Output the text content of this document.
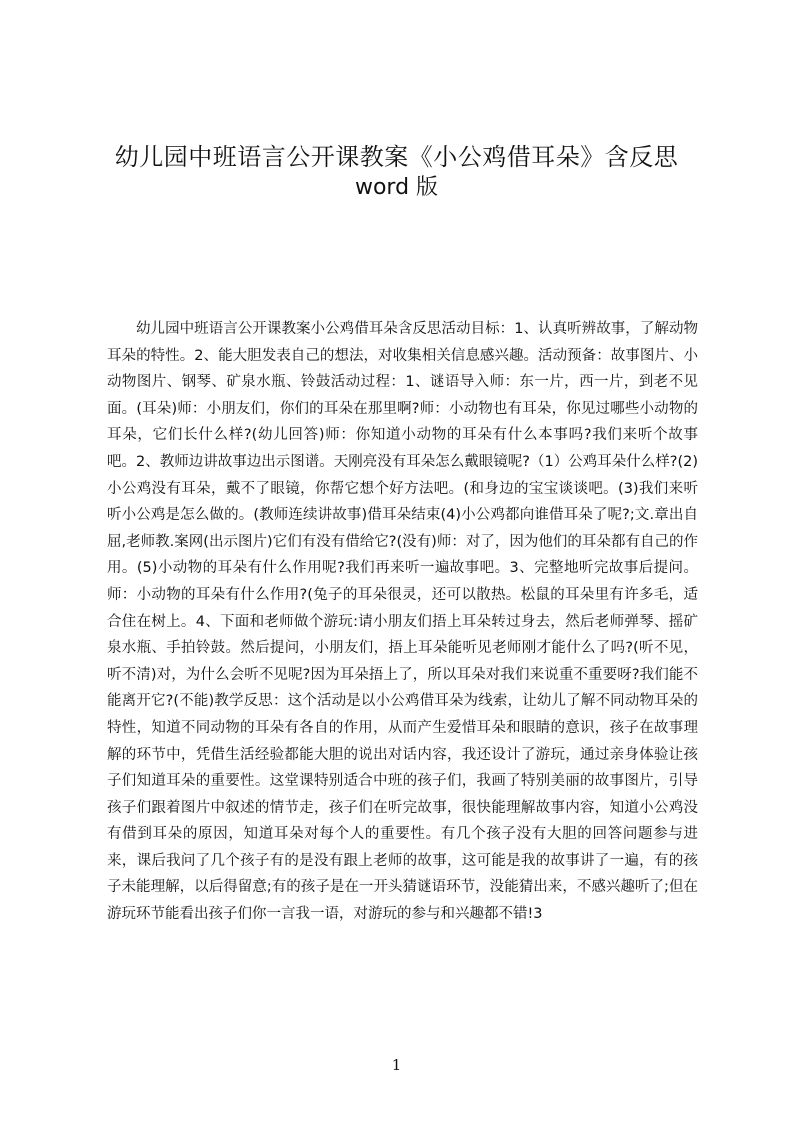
幼儿园中班语言公开课教案《小公鸡借耳朵》含反思
word 版
幼儿园中班语言公开课教案小公鸡借耳朵含反思活动目标：1、认真听辨故事，了解动物耳朵的特性。2、能大胆发表自己的想法，对收集相关信息感兴趣。活动预备：故事图片、小动物图片、钢琴、矿泉水瓶、铃鼓活动过程：1、谜语导入师：东一片，西一片，到老不见面。(耳朵)师：小朋友们，你们的耳朵在那里啊?师：小动物也有耳朵，你见过哪些小动物的耳朵，它们长什么样?(幼儿回答)师：你知道小动物的耳朵有什么本事吗?我们来听个故事吧。2、教师边讲故事边出示图谱。天刚亮没有耳朵怎么戴眼镜呢?（1）公鸡耳朵什么样?(2)小公鸡没有耳朵，戴不了眼镜，你帮它想个好方法吧。(和身边的宝宝谈谈吧。(3)我们来听听小公鸡是怎么做的。(教师连续讲故事)借耳朵结束(4)小公鸡都向谁借耳朵了呢?;文.章出自屈,老师教.案网(出示图片)它们有没有借给它?(没有)师：对了，因为他们的耳朵都有自己的作用。(5)小动物的耳朵有什么作用呢?我们再来听一遍故事吧。3、完整地听完故事后提问。师：小动物的耳朵有什么作用?(兔子的耳朵很灵，还可以散热。松鼠的耳朵里有许多毛，适合住在树上。4、下面和老师做个游玩:请小朋友们捂上耳朵转过身去，然后老师弹琴、摇矿泉水瓶、手拍铃鼓。然后提问，小朋友们，捂上耳朵能听见老师刚才能什么了吗?(听不见，听不清)对，为什么会听不见呢?因为耳朵捂上了，所以耳朵对我们来说重不重要呀?我们能不能离开它?(不能)教学反思：这个活动是以小公鸡借耳朵为线索，让幼儿了解不同动物耳朵的特性，知道不同动物的耳朵有各自的作用，从而产生爱惜耳朵和眼睛的意识，孩子在故事理解的环节中，凭借生活经验都能大胆的说出对话内容，我还设计了游玩，通过亲身体验让孩子们知道耳朵的重要性。这堂课特别适合中班的孩子们，我画了特别美丽的故事图片，引导孩子们跟着图片中叙述的情节走，孩子们在听完故事，很快能理解故事内容，知道小公鸡没有借到耳朵的原因，知道耳朵对每个人的重要性。有几个孩子没有大胆的回答问题参与进来，课后我问了几个孩子有的是没有跟上老师的故事，这可能是我的故事讲了一遍，有的孩子未能理解，以后得留意;有的孩子是在一开头猜谜语环节，没能猜出来，不感兴趣听了;但在游玩环节能看出孩子们你一言我一语，对游玩的参与和兴趣都不错!3
1
